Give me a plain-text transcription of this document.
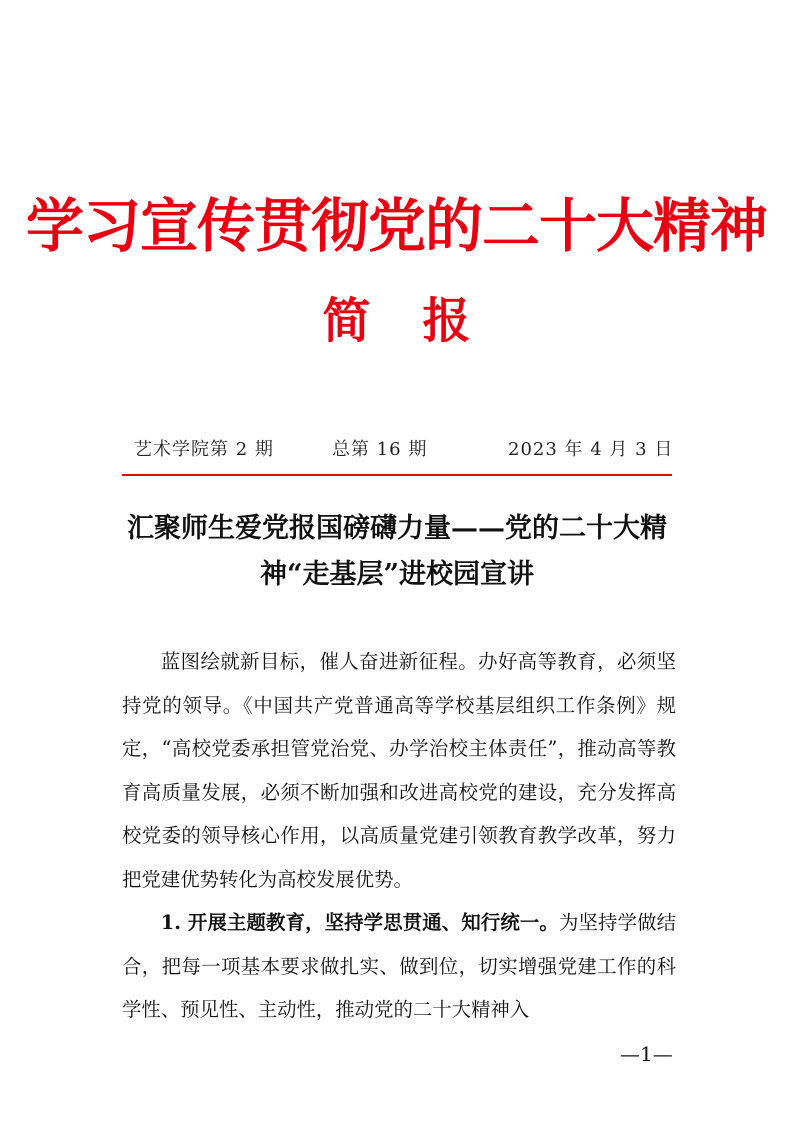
学习宣传贯彻党的二十大精神
简 报
艺术学院第 2 期	总第 16 期	2023 年 4 月 3 日
汇聚师生爱党报国磅礴力量——党的二十大精神“走基层”进校园宣讲

蓝图绘就新目标，催人奋进新征程。办好高等教育，必须坚持党的领导。《中国共产党普通高等学校基层组织工作条例》规定，“高校党委承担管党治党、办学治校主体责任”，推动高等教育高质量发展，必须不断加强和改进高校党的建设，充分发挥高校党委的领导核心作用，以高质量党建引领教育教学改革，努力把党建优势转化为高校发展优势。

1. 开展主题教育，坚持学思贯通、知行统一。为坚持学做结合，把每一项基本要求做扎实、做到位，切实增强党建工作的科学性、预见性、主动性，推动党的二十大精神入

—1—
